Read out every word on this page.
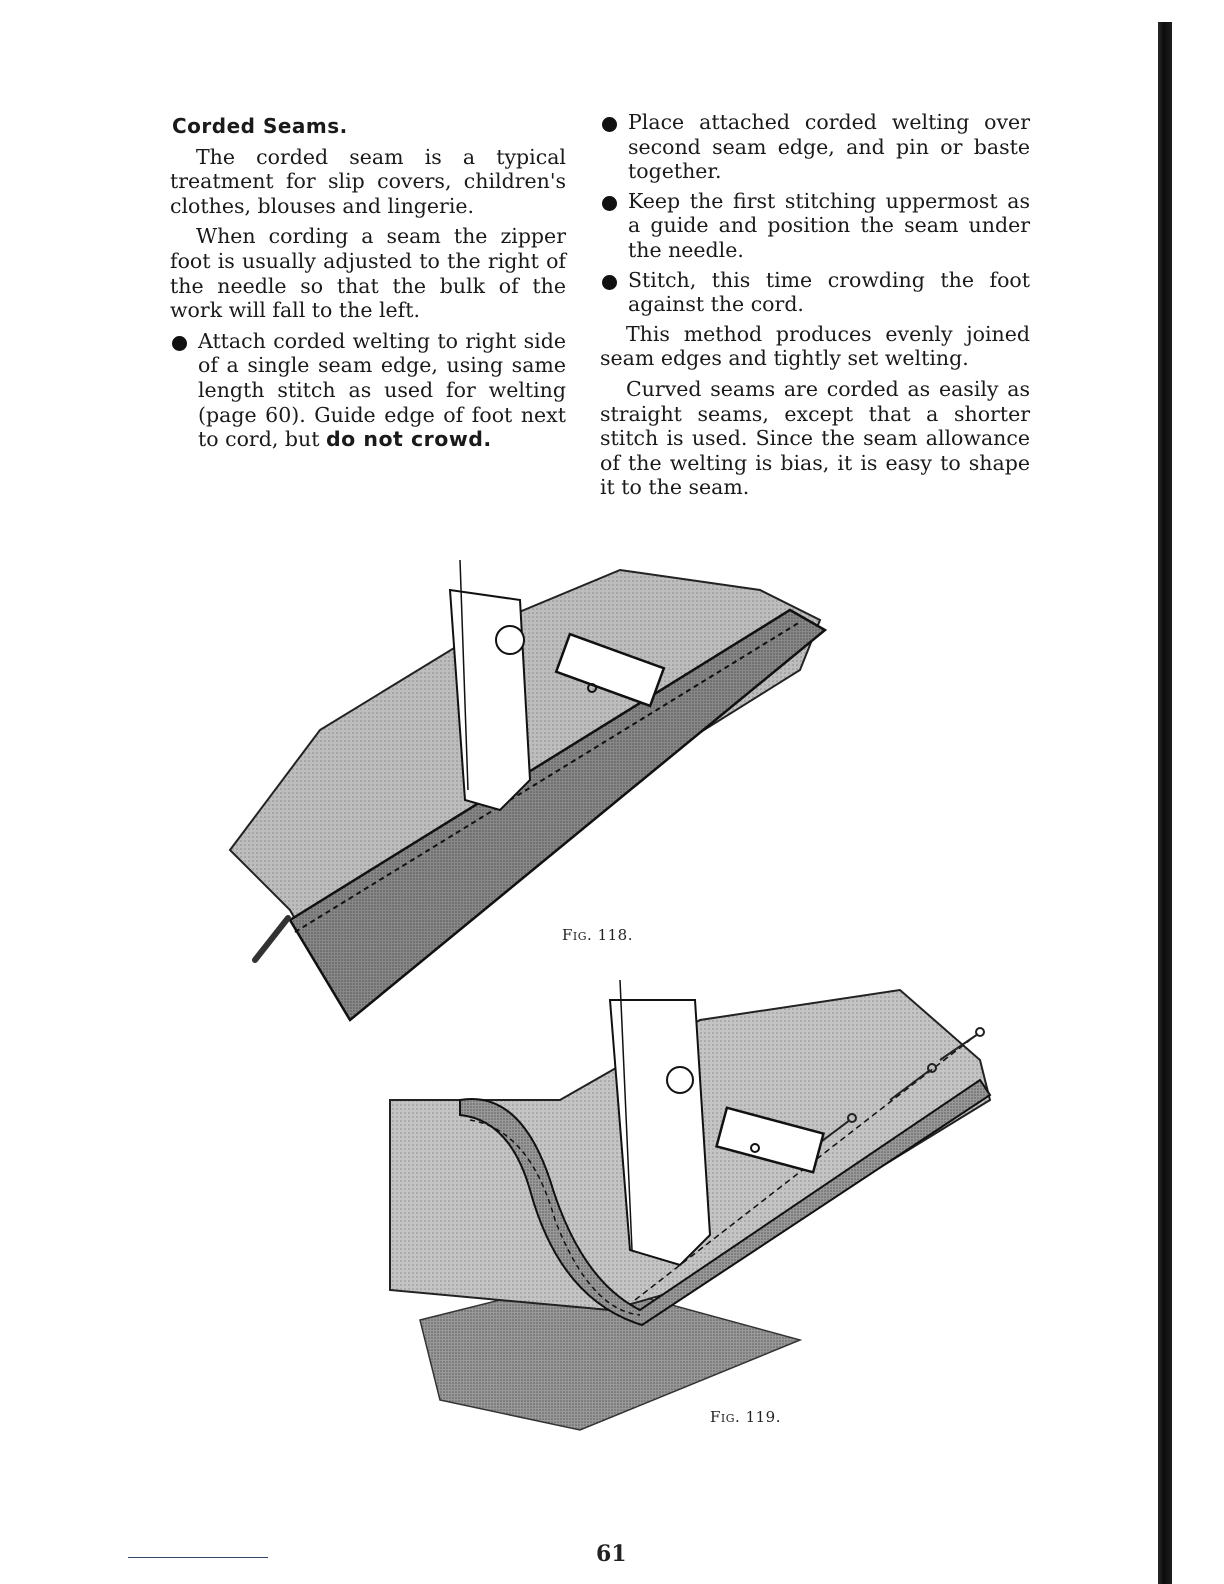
Corded Seams.

The corded seam is a typical treatment for slip covers, children's clothes, blouses and lingerie.

When cording a seam the zipper foot is usually adjusted to the right of the needle so that the bulk of the work will fall to the left.

Attach corded welting to right side of a single seam edge, using same length stitch as used for welting (page 60). Guide edge of foot next to cord, but do not crowd.
Place attached corded welting over second seam edge, and pin or baste together.
Keep the first stitching uppermost as a guide and position the seam under the needle.
Stitch, this time crowding the foot against the cord.

This method produces evenly joined seam edges and tightly set welting.

Curved seams are corded as easily as straight seams, except that a shorter stitch is used. Since the seam allowance of the welting is bias, it is easy to shape it to the seam.

Fig. 118.
Fig. 119.
61
